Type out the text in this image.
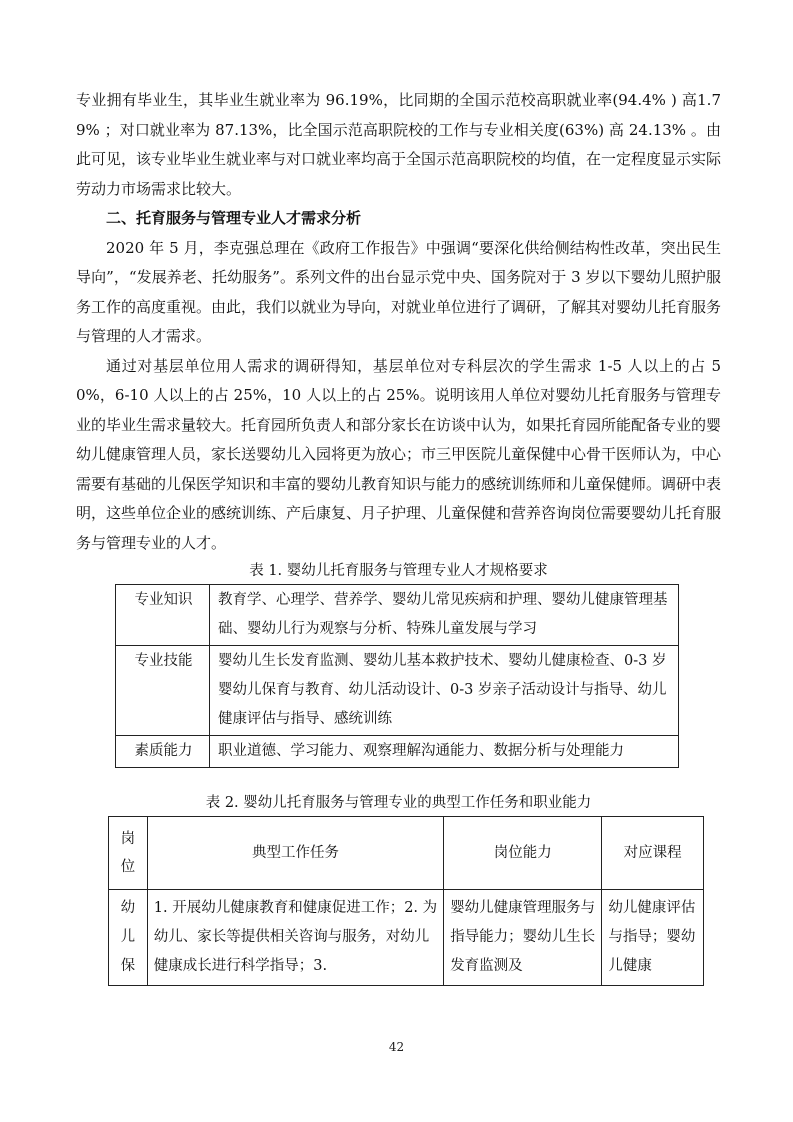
专业拥有毕业生，其毕业生就业率为 96.19%，比同期的全国示范校高职就业率(94.4% ) 高1.79% ；对口就业率为 87.13%，比全国示范高职院校的工作与专业相关度(63%) 高 24.13% 。由此可见，该专业毕业生就业率与对口就业率均高于全国示范高职院校的均值，在一定程度显示实际劳动力市场需求比较大。

二、托育服务与管理专业人才需求分析

2020 年 5 月，李克强总理在《政府工作报告》中强调“要深化供给侧结构性改革，突出民生导向”，“发展养老、托幼服务”。系列文件的出台显示党中央、国务院对于 3 岁以下婴幼儿照护服务工作的高度重视。由此，我们以就业为导向，对就业单位进行了调研，了解其对婴幼儿托育服务与管理的人才需求。

通过对基层单位用人需求的调研得知，基层单位对专科层次的学生需求 1-5 人以上的占 50%，6-10 人以上的占 25%，10 人以上的占 25%。说明该用人单位对婴幼儿托育服务与管理专业的毕业生需求量较大。托育园所负责人和部分家长在访谈中认为，如果托育园所能配备专业的婴幼儿健康管理人员，家长送婴幼儿入园将更为放心；市三甲医院儿童保健中心骨干医师认为，中心需要有基础的儿保医学知识和丰富的婴幼儿教育知识与能力的感统训练师和儿童保健师。调研中表明，这些单位企业的感统训练、产后康复、月子护理、儿童保健和营养咨询岗位需要婴幼儿托育服务与管理专业的人才。

表 1. 婴幼儿托育服务与管理专业人才规格要求
专业知识	教育学、心理学、营养学、婴幼儿常见疾病和护理、婴幼儿健康管理基础、婴幼儿行为观察与分析、特殊儿童发展与学习
专业技能	婴幼儿生长发育监测、婴幼儿基本救护技术、婴幼儿健康检查、0-3 岁婴幼儿保育与教育、幼儿活动设计、0-3 岁亲子活动设计与指导、幼儿健康评估与指导、感统训练
素质能力	职业道德、学习能力、观察理解沟通能力、数据分析与处理能力
表 2. 婴幼儿托育服务与管理专业的典型工作任务和职业能力
岗
位	典型工作任务	岗位能力	对应课程

幼
儿
保	1. 开展幼儿健康教育和健康促进工作；2. 为幼儿、家长等提供相关咨询与服务，对幼儿健康成长进行科学指导；3.	婴幼儿健康管理服务与指导能力；婴幼儿生长发育监测及	幼儿健康评估与指导；婴幼儿健康
42
